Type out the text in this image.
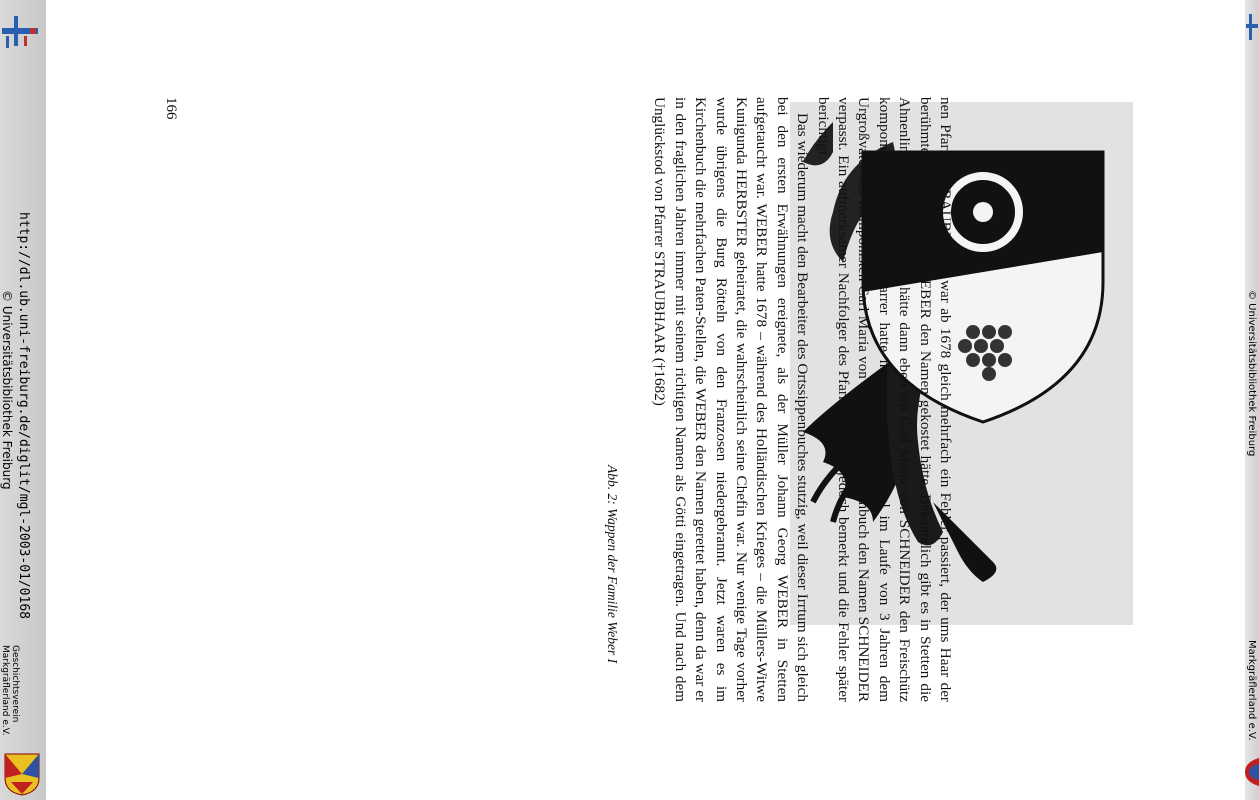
http://dl.ub.uni-freiburg.de/diglit/mgl-2003-01/0168
© Universitätsbibliothek Freiburg
Geschichtsverein
Markgräflerland e.V.
© Universitätsbibliothek Freiburg
Markgräflerland e.V.
Abb. 2: Wappen der Familie Weber I	nen Pfarrer STRAUBHAAR war ab 1678 gleich mehrfach ein Fehler passiert, der ums Haar der berühmten Musikerfamilie WEBER den Namen gekostet hätte. Bekanntlich gibt es in Stetten die Ahnenlinie WEBER. So aber hätte dann eben ein Carl Maria von SCHNEIDER den Freischütz komponieren müssen. Der Pfarrer hatte nämlich gleich dreimal im Laufe von 3 Jahren dem Urgroßvater des Komponisten Carl Maria von WEBER im Kirchenbuch den Namen SCHNEIDER verpasst. Ein aufmerksamer Nachfolger des Pfarrers hat das jedoch bemerkt und die Fehler später berichtigt.

Das wiederum macht den Bearbeiter des Ortssippenbuches stutzig, weil dieser Irrtum sich gleich bei den ersten Erwähnungen ereignete, als der Müller Johann Georg WEBER in Stetten aufgetaucht war. WEBER hatte 1678 – während des Holländischen Krieges – die Müllers-Witwe Kunigunda HERBSTER geheiratet, die wahrscheinlich seine Chefin war. Nur wenige Tage vorher wurde übrigens die Burg Rötteln von den Franzosen niedergebrannt. Jetzt waren es im Kirchenbuch die mehrfachen Paten-Stellen, die WEBER den Namen gerettet haben, denn da war er in den fraglichen Jahren immer mit seinem richtigen Namen als Götti eingetragen. Und nach dem Unglückstod von Pfarrer STRAUBHAAR (†1682)

166
